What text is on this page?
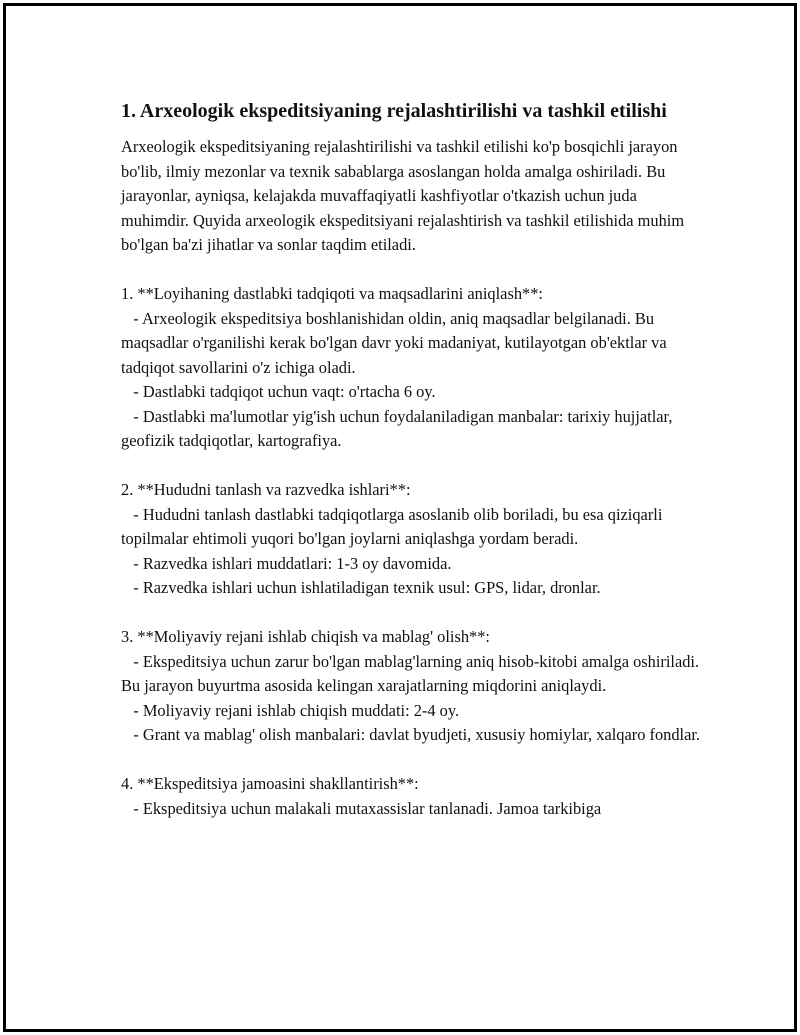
1. Arxeologik ekspeditsiyaning rejalashtirilishi va tashkil etilishi

Arxeologik ekspeditsiyaning rejalashtirilishi va tashkil etilishi ko'p bosqichli jarayon bo'lib, ilmiy mezonlar va texnik sabablarga asoslangan holda amalga oshiriladi. Bu jarayonlar, ayniqsa, kelajakda muvaffaqiyatli kashfiyotlar o'tkazish uchun juda muhimdir. Quyida arxeologik ekspeditsiyani rejalashtirish va tashkil etilishida muhim bo'lgan ba'zi jihatlar va sonlar taqdim etiladi.

1. **Loyihaning dastlabki tadqiqoti va maqsadlarini aniqlash**:

- Arxeologik ekspeditsiya boshlanishidan oldin, aniq maqsadlar belgilanadi. Bu maqsadlar o'rganilishi kerak bo'lgan davr yoki madaniyat, kutilayotgan ob'ektlar va tadqiqot savollarini o'z ichiga oladi.

- Dastlabki tadqiqot uchun vaqt: o'rtacha 6 oy.

- Dastlabki ma'lumotlar yig'ish uchun foydalaniladigan manbalar: tarixiy hujjatlar, geofizik tadqiqotlar, kartografiya.

2. **Hududni tanlash va razvedka ishlari**:

- Hududni tanlash dastlabki tadqiqotlarga asoslanib olib boriladi, bu esa qiziqarli topilmalar ehtimoli yuqori bo'lgan joylarni aniqlashga yordam beradi.

- Razvedka ishlari muddatlari: 1-3 oy davomida.

- Razvedka ishlari uchun ishlatiladigan texnik usul: GPS, lidar, dronlar.

3. **Moliyaviy rejani ishlab chiqish va mablag' olish**:

- Ekspeditsiya uchun zarur bo'lgan mablag'larning aniq hisob-kitobi amalga oshiriladi. Bu jarayon buyurtma asosida kelingan xarajatlarning miqdorini aniqlaydi.

- Moliyaviy rejani ishlab chiqish muddati: 2-4 oy.

- Grant va mablag' olish manbalari: davlat byudjeti, xususiy homiylar, xalqaro fondlar.

4. **Ekspeditsiya jamoasini shakllantirish**:

- Ekspeditsiya uchun malakali mutaxassislar tanlanadi. Jamoa tarkibiga
